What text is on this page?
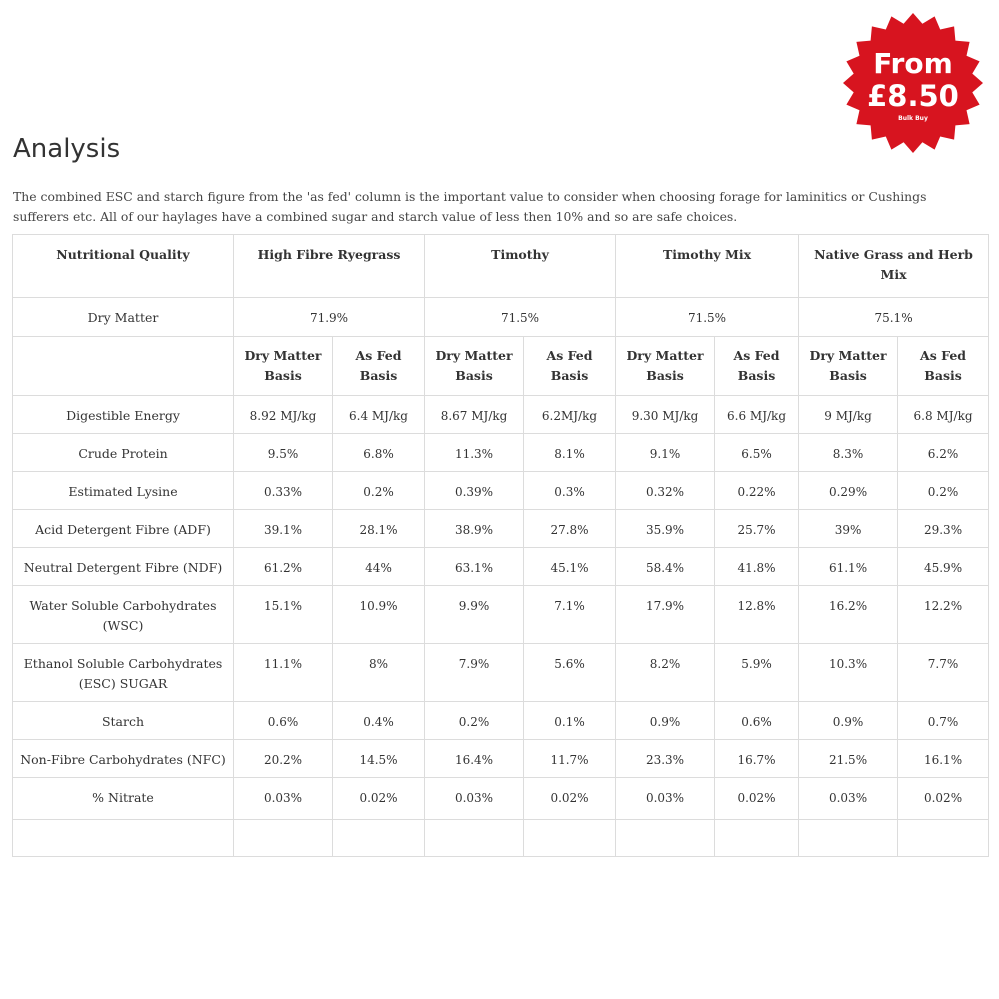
From
£8.50
Bulk Buy
Analysis

The combined ESC and starch figure from the 'as fed' column is the important value to consider when choosing forage for laminitics or Cushings sufferers etc. All of our haylages have a combined sugar and starch value of less then 10% and so are safe choices.

Nutritional Quality	High Fibre Ryegrass		Timothy		Timothy Mix		Native Grass and Herb Mix	
Dry Matter	71.9%		71.5%		71.5%		75.1%	
	Dry Matter Basis	As Fed Basis	Dry Matter Basis	As Fed Basis	Dry Matter Basis	As Fed Basis	Dry Matter Basis	As Fed Basis
Digestible Energy	8.92 MJ/kg	6.4 MJ/kg	8.67 MJ/kg	6.2MJ/kg	9.30 MJ/kg	6.6 MJ/kg	9 MJ/kg	6.8 MJ/kg
Crude Protein	9.5%	6.8%	11.3%	8.1%	9.1%	6.5%	8.3%	6.2%
Estimated Lysine	0.33%	0.2%	0.39%	0.3%	0.32%	0.22%	0.29%	0.2%
Acid Detergent Fibre (ADF)	39.1%	28.1%	38.9%	27.8%	35.9%	25.7%	39%	29.3%
Neutral Detergent Fibre (NDF)	61.2%	44%	63.1%	45.1%	58.4%	41.8%	61.1%	45.9%
Water Soluble Carbohydrates (WSC)	15.1%	10.9%	9.9%	7.1%	17.9%	12.8%	16.2%	12.2%
Ethanol Soluble Carbohydrates (ESC) SUGAR	11.1%	8%	7.9%	5.6%	8.2%	5.9%	10.3%	7.7%
Starch	0.6%	0.4%	0.2%	0.1%	0.9%	0.6%	0.9%	0.7%
Non-Fibre Carbohydrates (NFC)	20.2%	14.5%	16.4%	11.7%	23.3%	16.7%	21.5%	16.1%
% Nitrate	0.03%	0.02%	0.03%	0.02%	0.03%	0.02%	0.03%	0.02%
